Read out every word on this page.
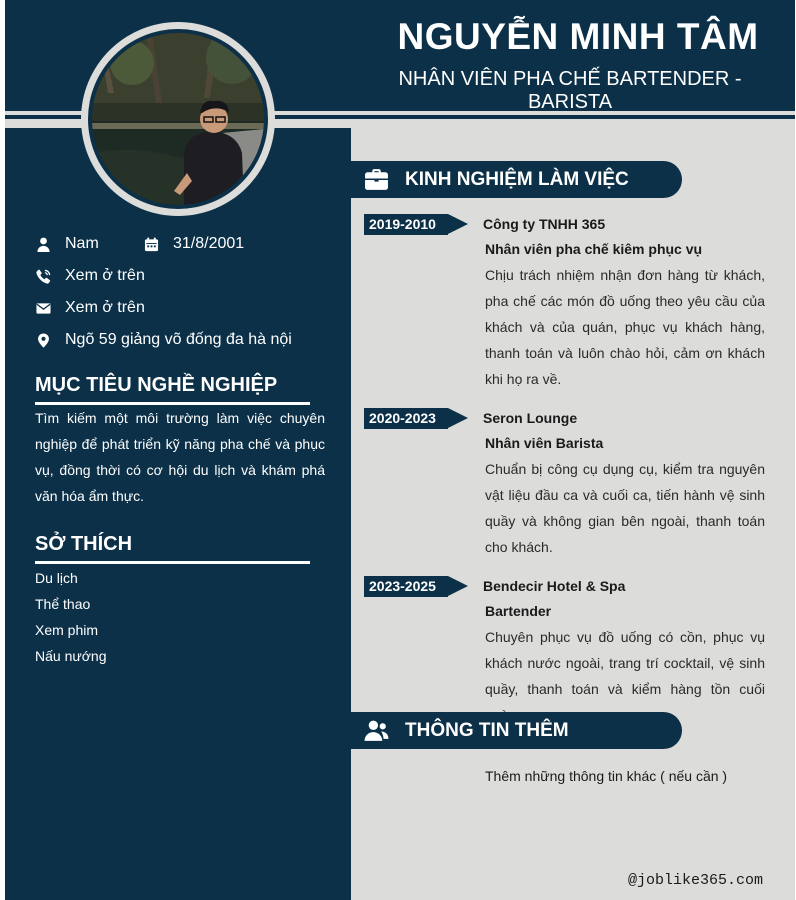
NGUYỄN MINH TÂM
NHÂN VIÊN PHA CHẾ BARTENDER - BARISTA
Nam	31/8/2001
Xem ở trên
Xem ở trên
Ngõ 59 giảng võ đống đa hà nội
MỤC TIÊU NGHỀ NGHIỆP
Tìm kiếm một môi trường làm việc chuyên nghiệp để phát triển kỹ năng pha chế và phục vụ, đồng thời có cơ hội du lịch và khám phá văn hóa ẩm thực.
SỞ THÍCH
Du lịch
Thể thao
Xem phim
Nấu nướng
KINH NGHIỆM LÀM VIỆC
2019-2010	Công ty TNHH 365
Nhân viên pha chế kiêm phục vụ
Chịu trách nhiệm nhận đơn hàng từ khách, pha chế các món đồ uống theo yêu cầu của khách và của quán, phục vụ khách hàng, thanh toán và luôn chào hỏi, cảm ơn khách khi họ ra về.
2020-2023	Seron Lounge
Nhân viên Barista
Chuẩn bị công cụ dụng cụ, kiểm tra nguyên vật liệu đầu ca và cuối ca, tiến hành vệ sinh quầy và không gian bên ngoài, thanh toán cho khách.
2023-2025	Bendecir Hotel & Spa
Bartender
Chuyên phục vụ đồ uống có cồn, phục vụ khách nước ngoài, trang trí cocktail, vệ sinh quầy, thanh toán và kiểm hàng tồn cuối
THÔNG TIN THÊM
Thêm những thông tin khác ( nếu cần )
@joblike365.com
